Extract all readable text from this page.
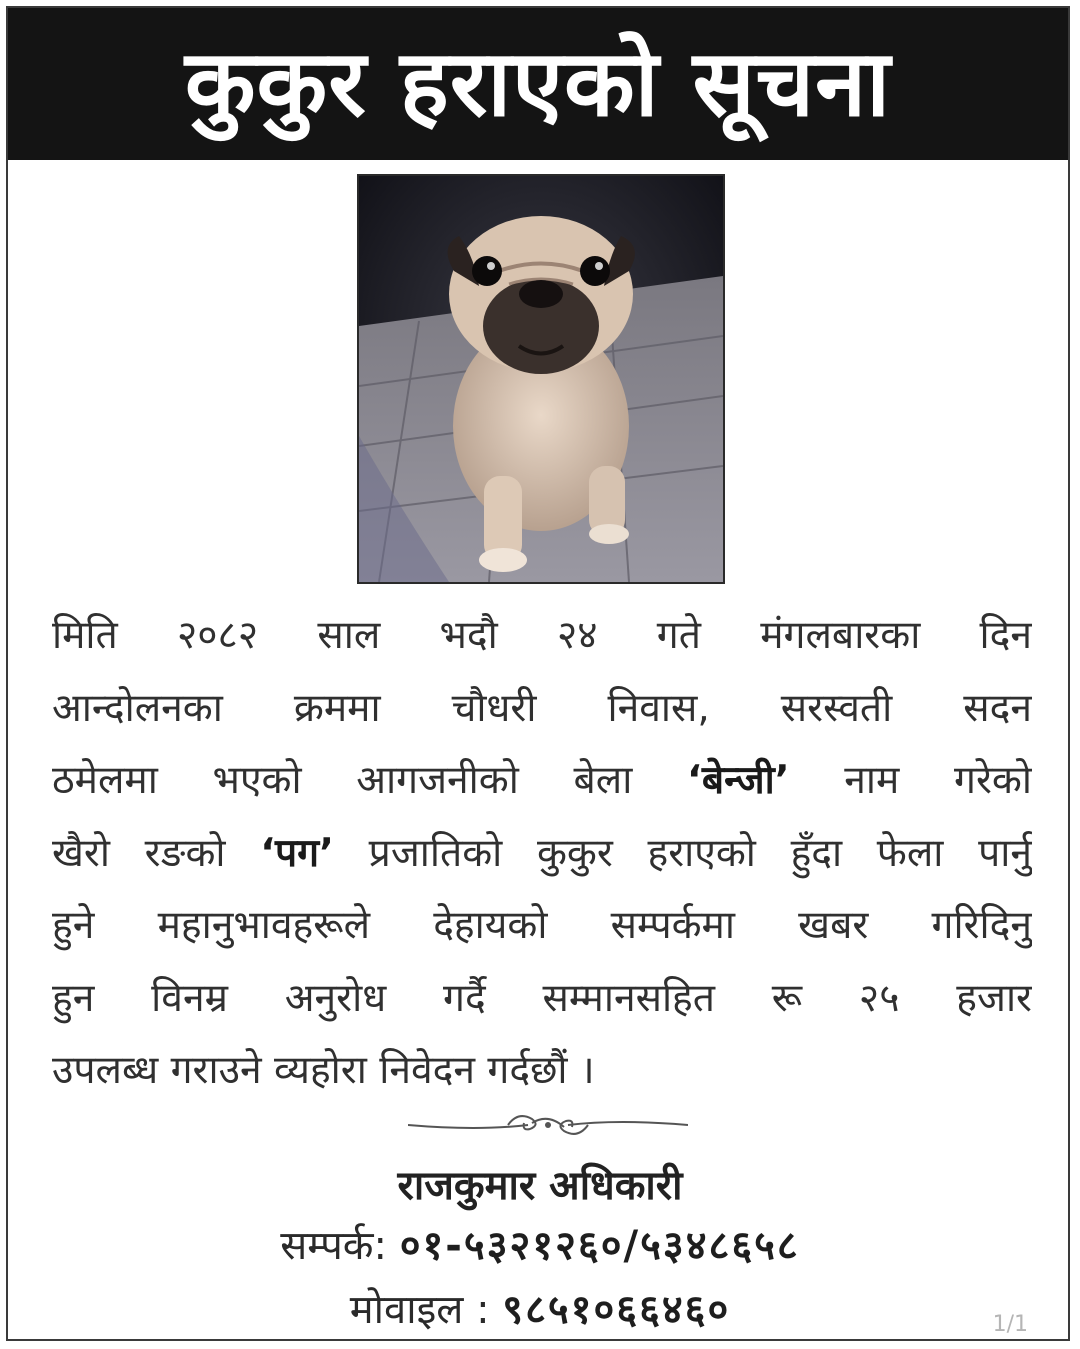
कुकुर हराएको सूचना
मिति २०८२ साल भदौ २४ गते मंगलबारका दिन
आन्दोलनका क्रममा चौधरी निवास, सरस्वती सदन
ठमेलमा भएको आगजनीको बेला ‘बेन्जी’ नाम गरेको
खैरो रङको ‘पग’ प्रजातिको कुकुर हराएको हुँदा फेला पार्नु
हुने महानुभावहरूले देहायको सम्पर्कमा खबर गरिदिनु
हुन विनम्र अनुरोध गर्दै सम्मानसहित रू २५ हजार
उपलब्ध गराउने व्यहोरा निवेदन गर्दछौं ।
राजकुमार अधिकारी
सम्पर्क: ०१-५३२१२६०/५३४८६५८
मोवाइल : ९८५१०६६४६०	1/1
